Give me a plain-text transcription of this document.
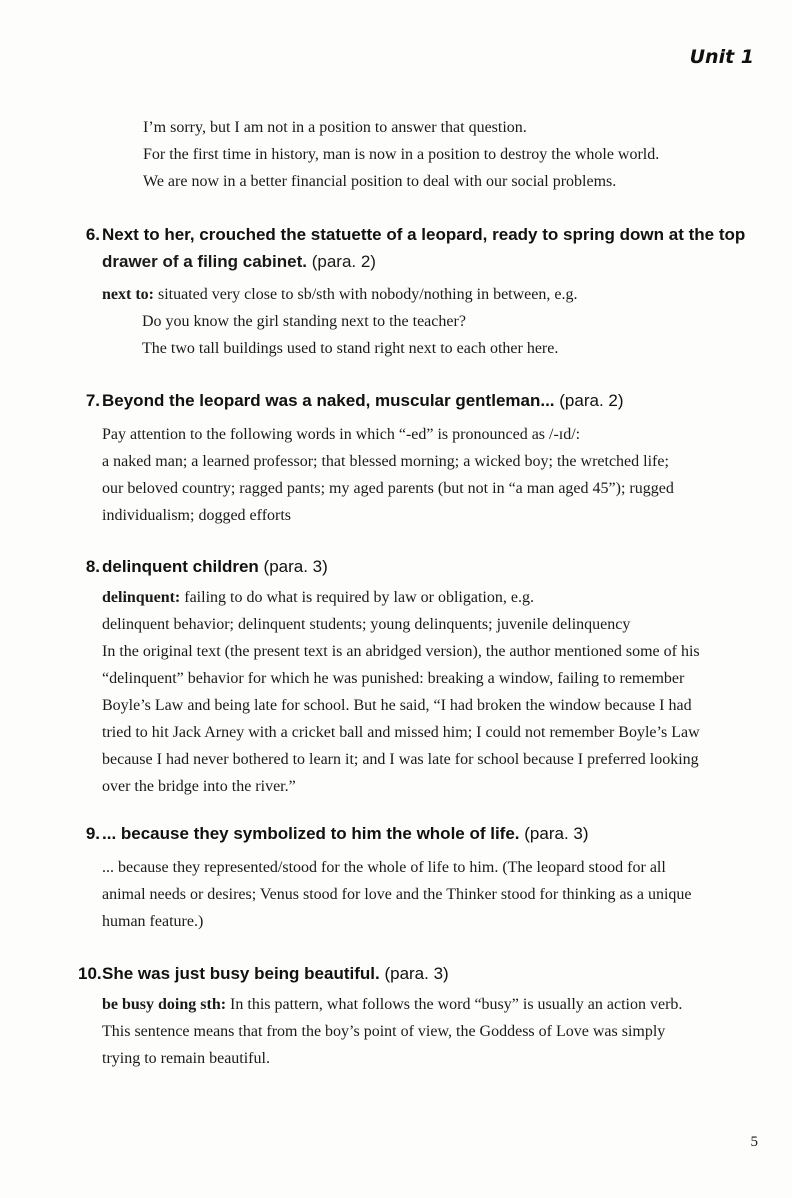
Unit 1
I’m sorry, but I am not in a position to answer that question.
For the first time in history, man is now in a position to destroy the whole world.
We are now in a better financial position to deal with our social problems.
6. Next to her, crouched the statuette of a leopard, ready to spring down at the top
drawer of a filing cabinet. (para. 2)
next to: situated very close to sb/sth with nobody/nothing in between, e.g.
Do you know the girl standing next to the teacher?
The two tall buildings used to stand right next to each other here.
7. Beyond the leopard was a naked, muscular gentleman... (para. 2)
Pay attention to the following words in which “-ed” is pronounced as /-ɪd/:
a naked man; a learned professor; that blessed morning; a wicked boy; the wretched life;
our beloved country; ragged pants; my aged parents (but not in “a man aged 45”); rugged
individualism; dogged efforts
8. delinquent children (para. 3)
delinquent: failing to do what is required by law or obligation, e.g.
delinquent behavior; delinquent students; young delinquents; juvenile delinquency
In the original text (the present text is an abridged version), the author mentioned some of his
“delinquent” behavior for which he was punished: breaking a window, failing to remember
Boyle’s Law and being late for school. But he said, “I had broken the window because I had
tried to hit Jack Arney with a cricket ball and missed him; I could not remember Boyle’s Law
because I had never bothered to learn it; and I was late for school because I preferred looking
over the bridge into the river.”
9. ... because they symbolized to him the whole of life. (para. 3)
... because they represented/stood for the whole of life to him. (The leopard stood for all
animal needs or desires; Venus stood for love and the Thinker stood for thinking as a unique
human feature.)
10.She was just busy being beautiful. (para. 3)
be busy doing sth: In this pattern, what follows the word “busy” is usually an action verb.
This sentence means that from the boy’s point of view, the Goddess of Love was simply
trying to remain beautiful.
5
